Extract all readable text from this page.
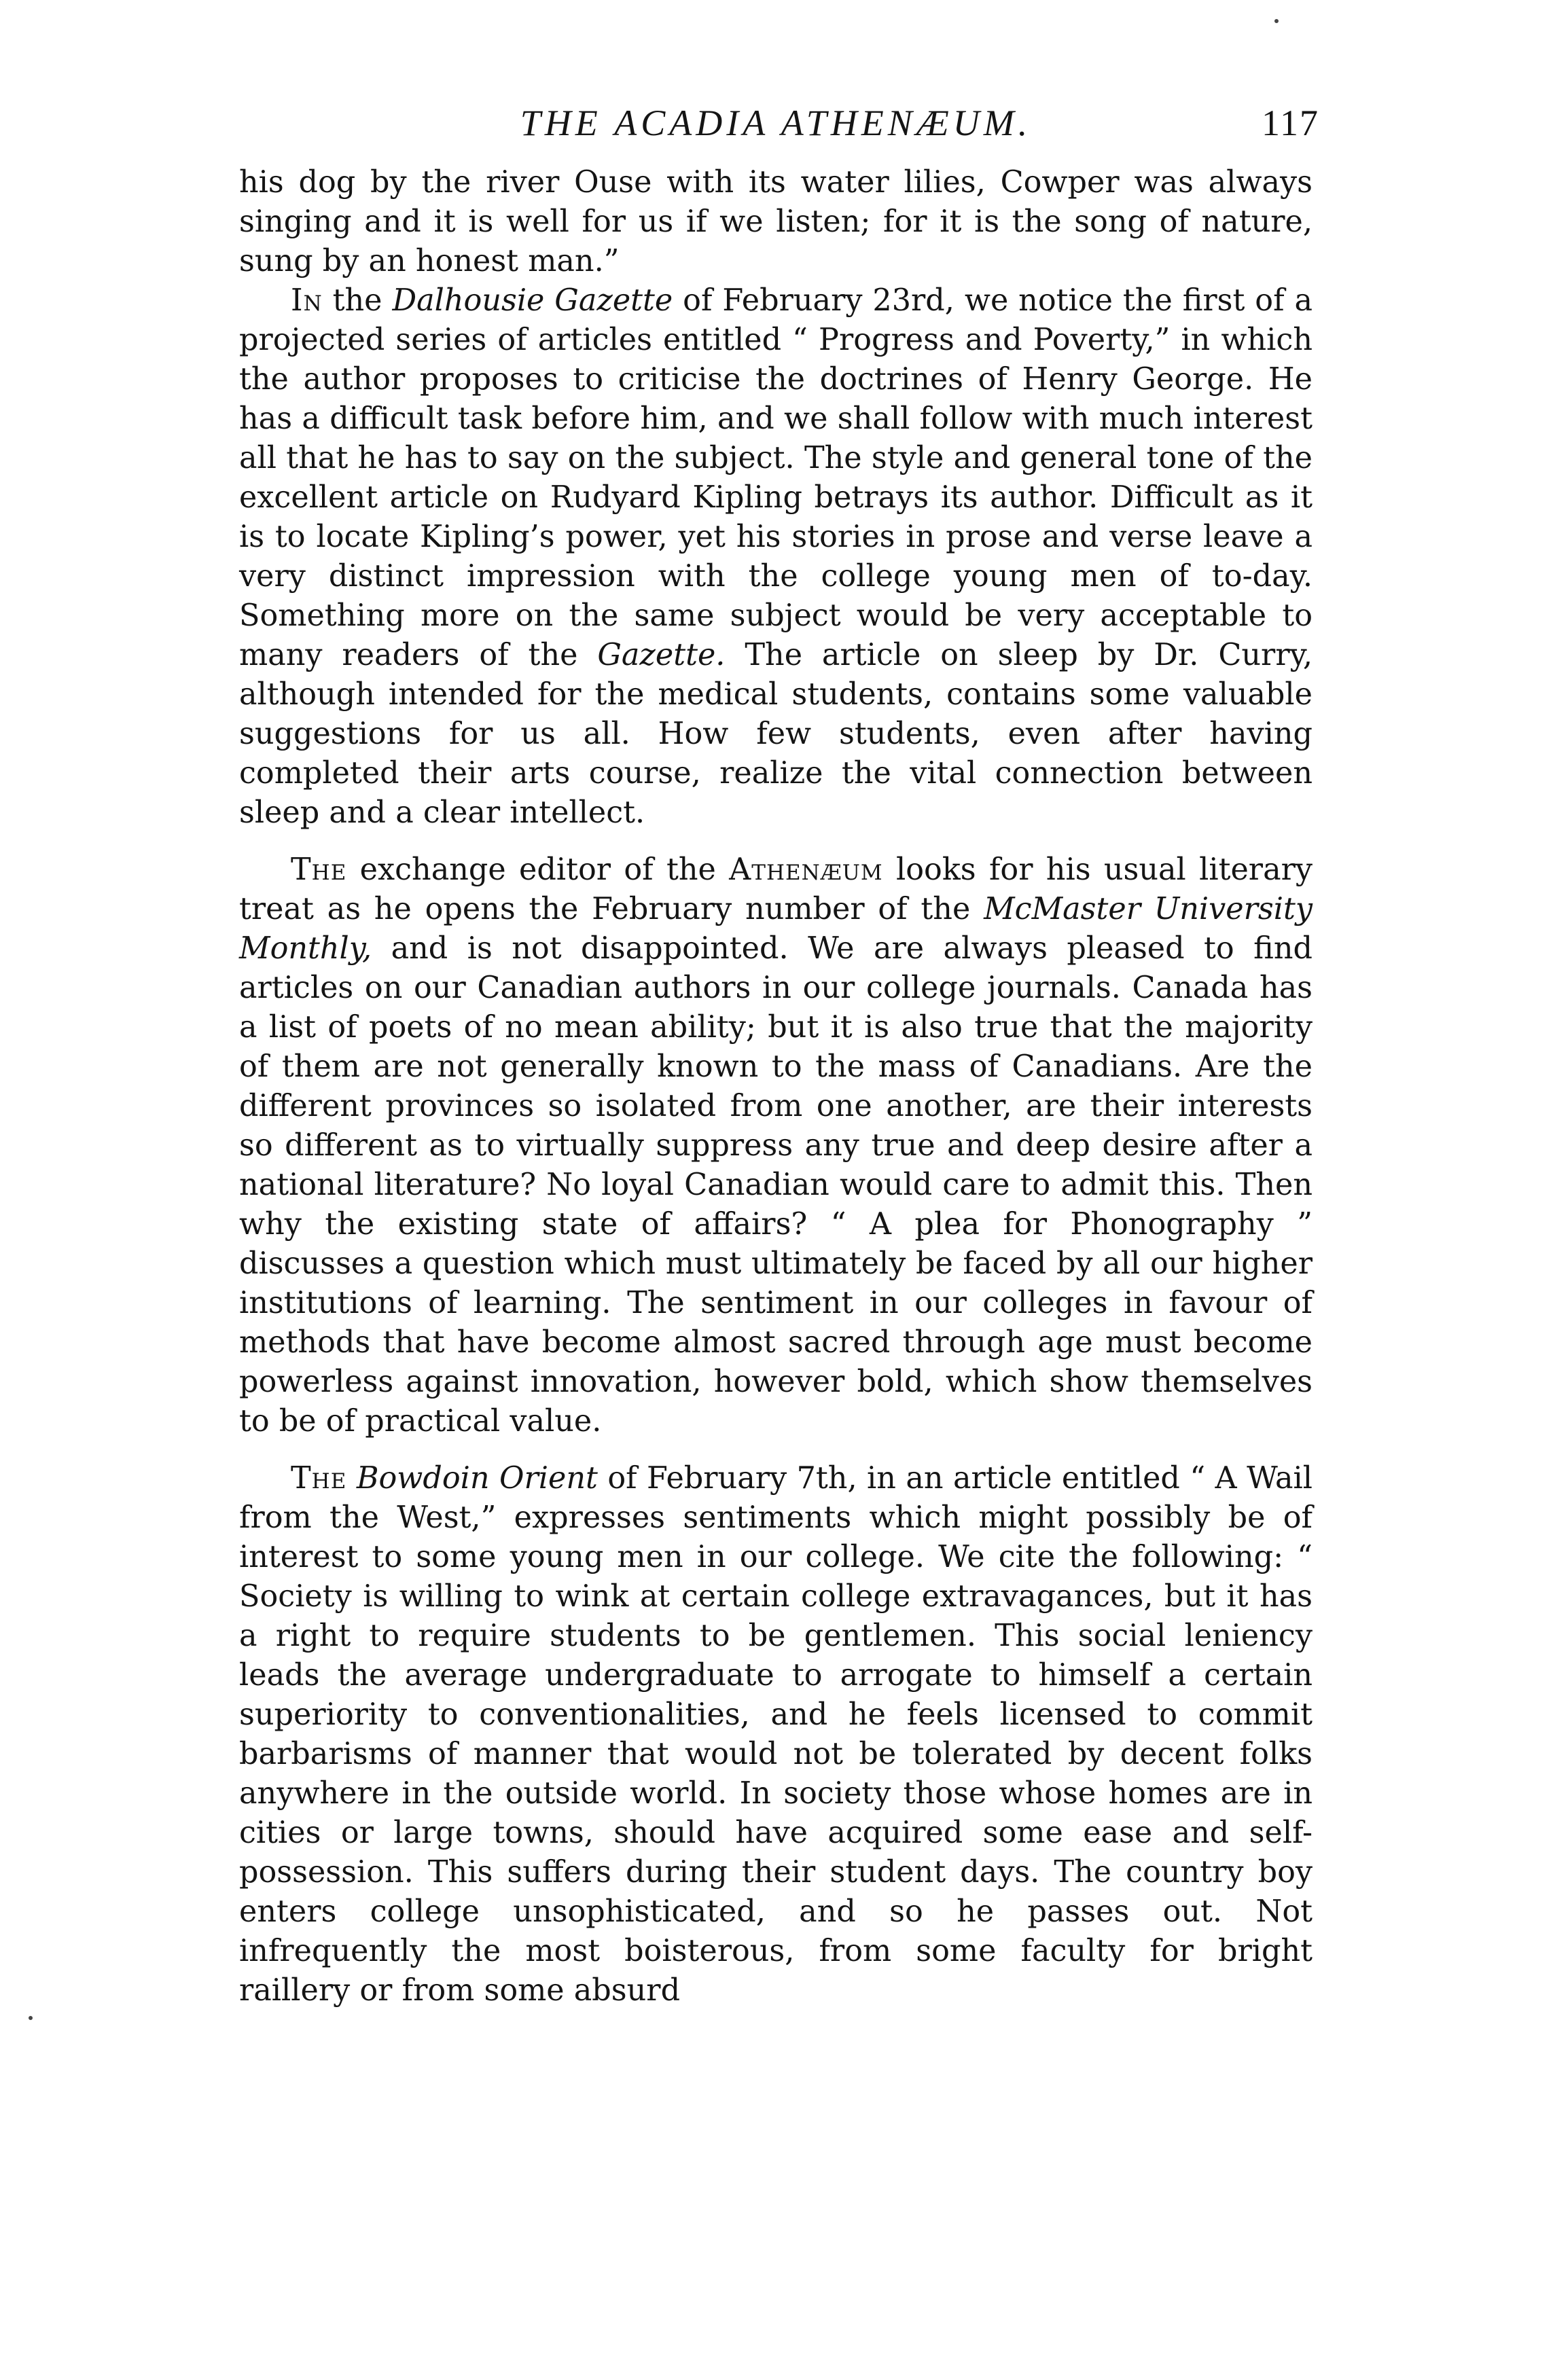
THE ACADIA ATHENÆUM.	117

his dog by the river Ouse with its water lilies, Cowper was always singing and it is well for us if we listen; for it is the song of nature, sung by an honest man.”

In the Dalhousie Gazette of February 23rd, we notice the first of a projected series of articles entitled “ Progress and Poverty,” in which the author proposes to criticise the doctrines of Henry George. He has a difficult task before him, and we shall follow with much interest all that he has to say on the subject. The style and general tone of the excellent article on Rudyard Kipling betrays its author. Difficult as it is to locate Kipling’s power, yet his stories in prose and verse leave a very distinct impression with the college young men of to-day. Something more on the same subject would be very acceptable to many readers of the Gazette. The article on sleep by Dr. Curry, although intended for the medical students, contains some valuable suggestions for us all. How few students, even after having completed their arts course, realize the vital connection between sleep and a clear intellect.

The exchange editor of the Athenæum looks for his usual literary treat as he opens the February number of the McMaster University Monthly, and is not disappointed. We are always pleased to find articles on our Canadian authors in our college journals. Canada has a list of poets of no mean ability; but it is also true that the majority of them are not generally known to the mass of Canadians. Are the different provinces so isolated from one another, are their interests so different as to virtually suppress any true and deep desire after a national literature? No loyal Canadian would care to admit this. Then why the existing state of affairs? “ A plea for Phonography ” discusses a question which must ultimately be faced by all our higher institutions of learning. The sentiment in our colleges in favour of methods that have become almost sacred through age must become powerless against innovation, however bold, which show themselves to be of practical value.

The Bowdoin Orient of February 7th, in an article entitled “ A Wail from the West,” expresses sentiments which might possibly be of interest to some young men in our college. We cite the following: “ Society is willing to wink at certain college extravagances, but it has a right to require students to be gentlemen. This social leniency leads the average undergraduate to arrogate to himself a certain superiority to conventionalities, and he feels licensed to commit barbarisms of manner that would not be tolerated by decent folks anywhere in the outside world. In society those whose homes are in cities or large towns, should have acquired some ease and self-possession. This suffers during their student days. The country boy enters college unsophisticated, and so he passes out. Not infrequently the most boisterous, from some faculty for bright raillery or from some absurd
